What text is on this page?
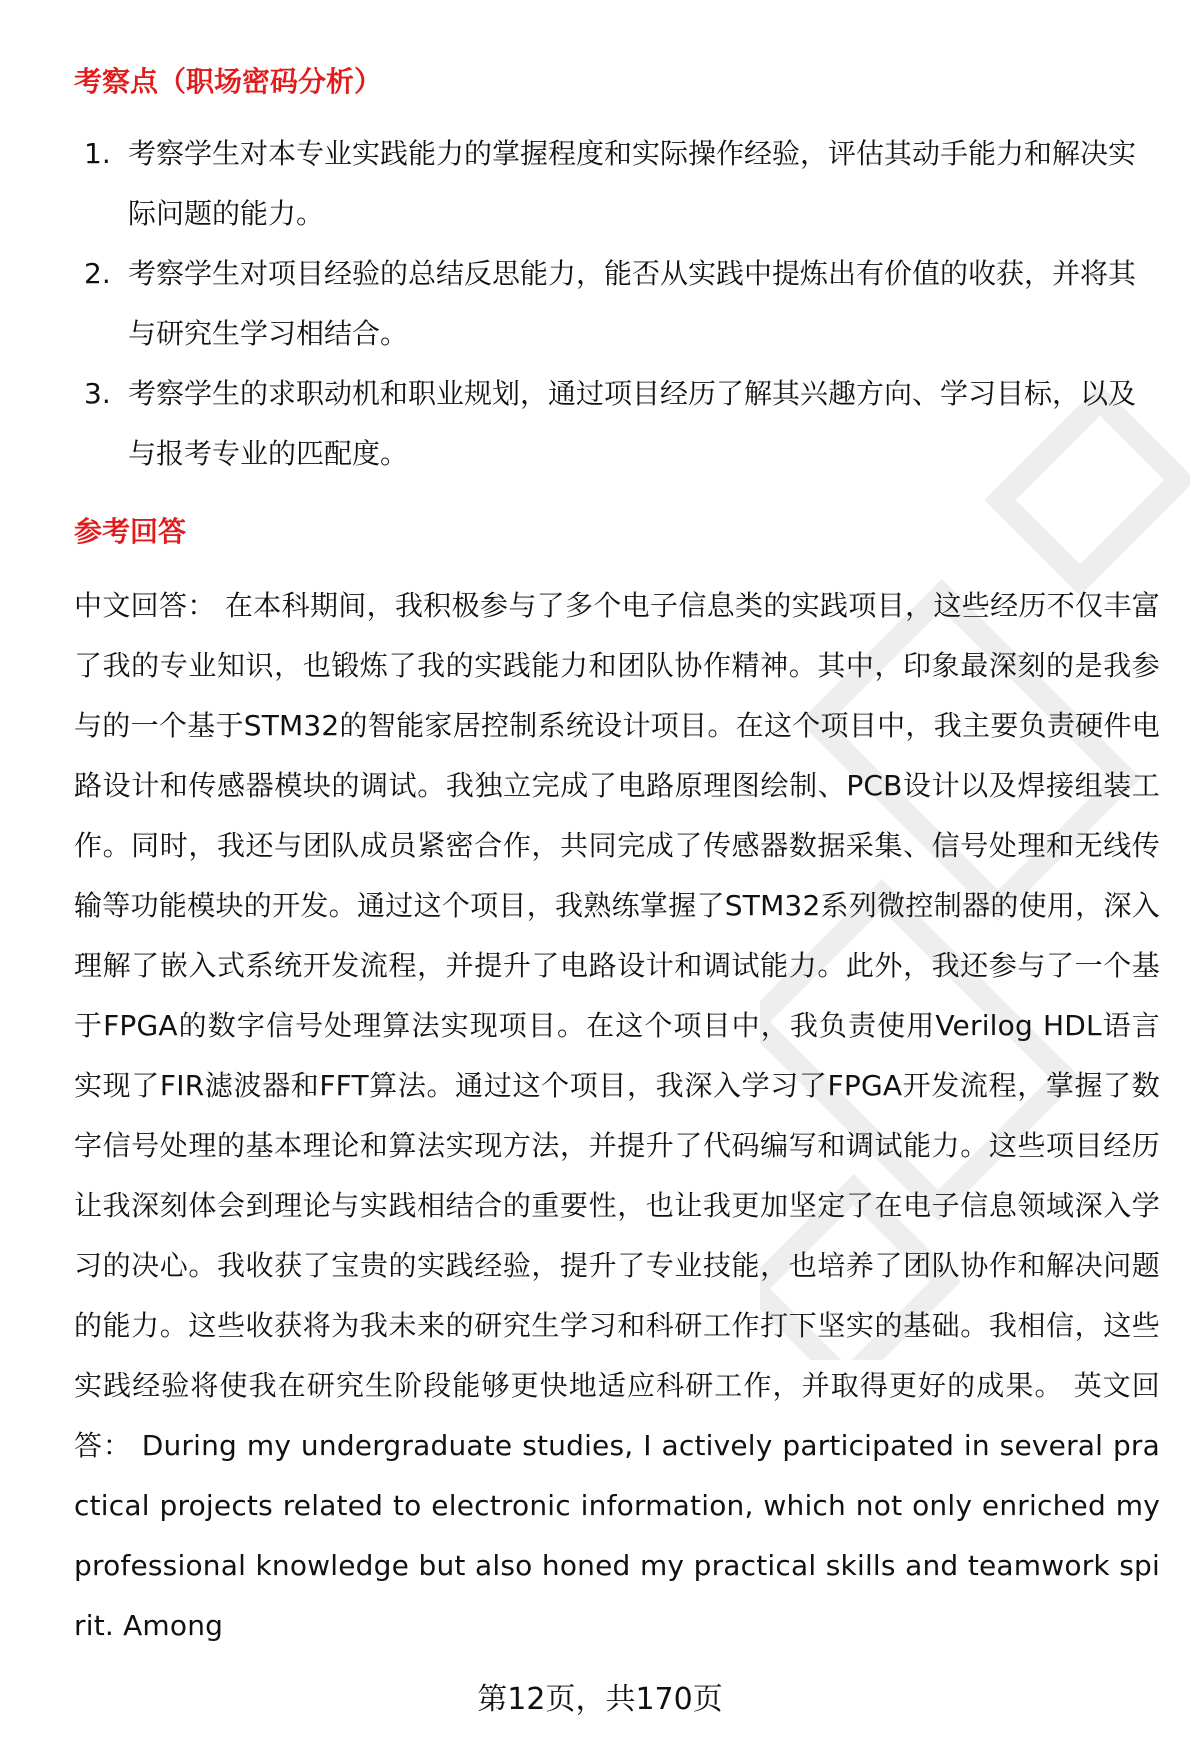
考察点（职场密码分析）
1. 考察学生对本专业实践能力的掌握程度和实际操作经验，评估其动手能力和解决实际问题的能力。
2. 考察学生对项目经验的总结反思能力，能否从实践中提炼出有价值的收获，并将其与研究生学习相结合。
3. 考察学生的求职动机和职业规划，通过项目经历了解其兴趣方向、学习目标，以及与报考专业的匹配度。
参考回答

中文回答： 在本科期间，我积极参与了多个电子信息类的实践项目，这些经历不仅丰富了我的专业知识，也锻炼了我的实践能力和团队协作精神。其中，印象最深刻的是我参与的一个基于STM32的智能家居控制系统设计项目。在这个项目中，我主要负责硬件电路设计和传感器模块的调试。我独立完成了电路原理图绘制、PCB设计以及焊接组装工作。同时，我还与团队成员紧密合作，共同完成了传感器数据采集、信号处理和无线传输等功能模块的开发。通过这个项目，我熟练掌握了STM32系列微控制器的使用，深入理解了嵌入式系统开发流程，并提升了电路设计和调试能力。此外，我还参与了一个基于FPGA的数字信号处理算法实现项目。在这个项目中，我负责使用Verilog HDL语言实现了FIR滤波器和FFT算法。通过这个项目，我深入学习了FPGA开发流程，掌握了数字信号处理的基本理论和算法实现方法，并提升了代码编写和调试能力。这些项目经历让我深刻体会到理论与实践相结合的重要性，也让我更加坚定了在电子信息领域深入学习的决心。我收获了宝贵的实践经验，提升了专业技能，也培养了团队协作和解决问题的能力。这些收获将为我未来的研究生学习和科研工作打下坚实的基础。我相信，这些实践经验将使我在研究生阶段能够更快地适应科研工作，并取得更好的成果。 英文回答： During my undergraduate studies, I actively participated in several practical projects related to electronic information, which not only enriched my professional knowledge but also honed my practical skills and teamwork spirit. Among

第12页，共170页
